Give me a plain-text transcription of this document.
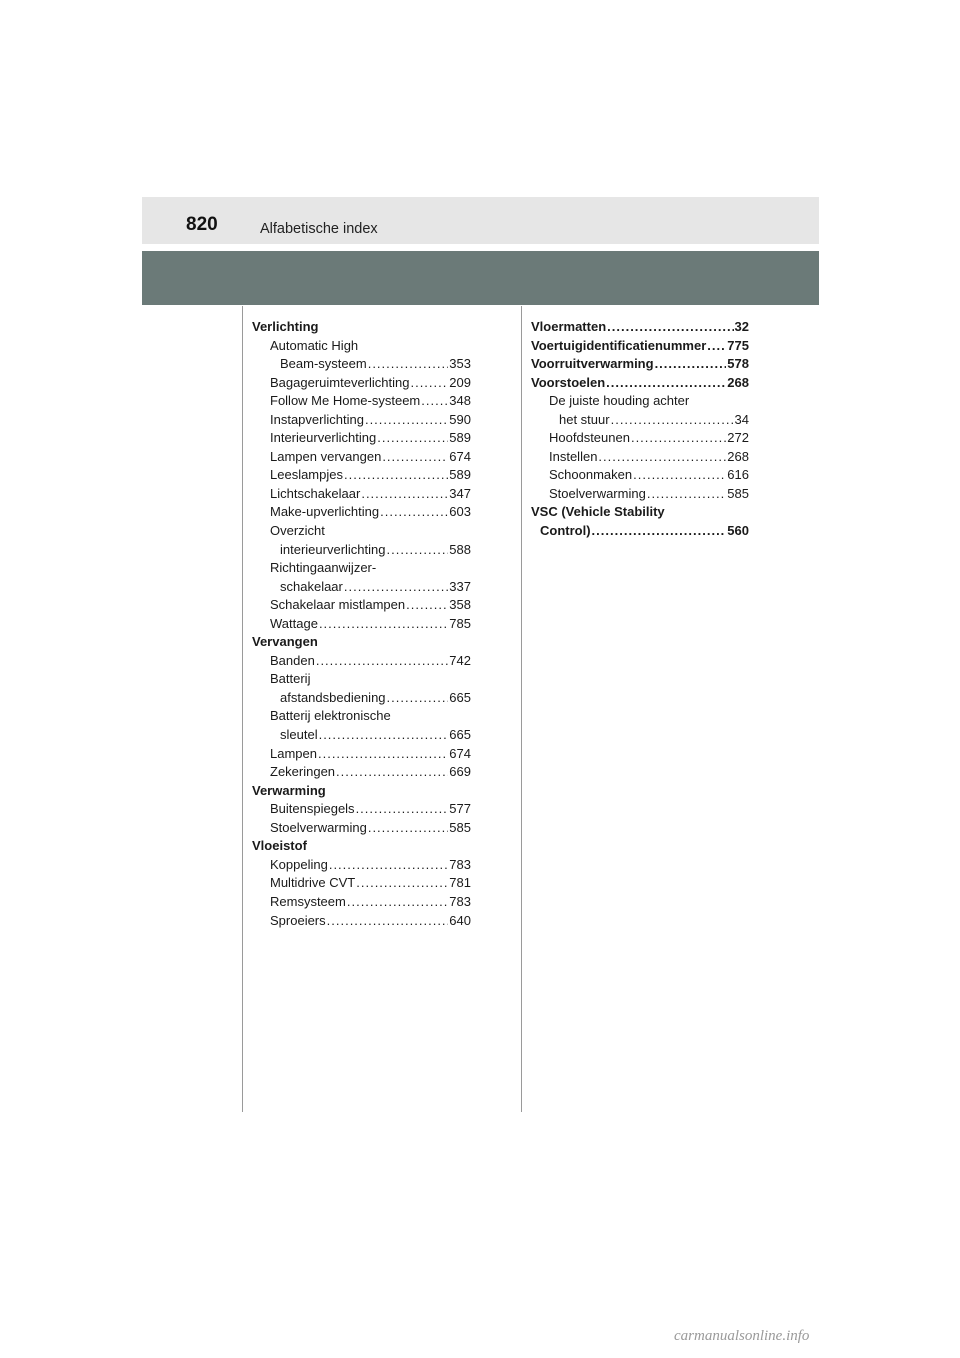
820	Alfabetische index
Verlichting
Automatic High
Beam-systeem .....	353
Bagageruimteverlichting .....	209
Follow Me Home-systeem ..... 348
Instapverlichting .....	590
Interieurverlichting .....	589
Lampen vervangen .....	674
Leeslampjes .....	589
Lichtschakelaar .....	347
Make-upverlichting .....	603
Overzicht
interieurverlichting .....	588
Richtingaanwijzer-
schakelaar .....	337
Schakelaar mistlampen .....	358
Wattage .....	785
Vervangen
Banden .....	742
Batterij
afstandsbediening .....	665
Batterij elektronische
sleutel .....	665
Lampen .....	674
Zekeringen .....	669
Verwarming
Buitenspiegels .....	577
Stoelverwarming .....	585
Vloeistof
Koppeling .....	783
Multidrive CVT .....	781
Remsysteem .....	783
Sproeiers .....	640
Vloermatten .....	32
Voertuigidentificatienummer ..... 775
Voorruitverwarming .....	578
Voorstoelen .....	268
De juiste houding achter
het stuur .....	34
Hoofdsteunen .....	272
Instellen .....	268
Schoonmaken .....	616
Stoelverwarming .....	585
VSC (Vehicle Stability
Control) .....	560
carmanualsonline.info
